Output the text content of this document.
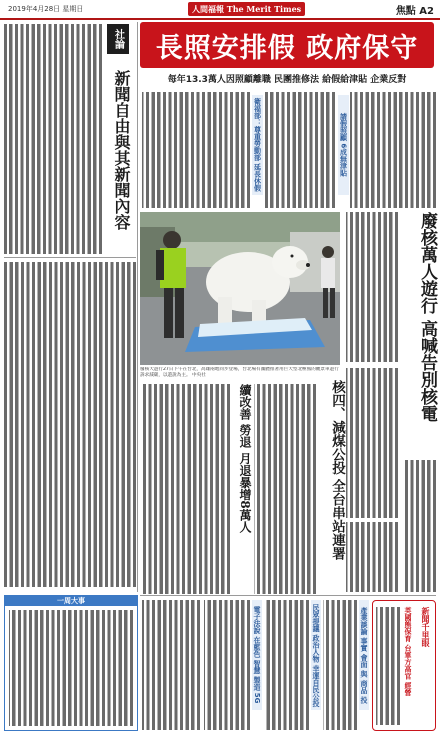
2019年4月28日 星期日	人間福報 The Merit Times	焦點 A2
社論
新聞自由與其新聞內容
長照安排假 政府保守
每年13.3萬人因照顧離職 民團推修法 給假給津貼 企業反對
請假照顧 6成無津貼
衛福部：尊重勞動部 延長休假
廢核大遊行27日下午在台北，高雄兩地同步登場，台北場有團體推著用巨大型北極熊的觀景車遊行訴求減碳，以遊說為主。 中央社	廢核萬人遊行 高喊告別核電
核四、減煤公投 全台串站連署
續改善 勞退 月退暴增8萬人
一周大事
電子法說 在藍色 智慧 製造 5G	民眾提議 政治人物 幸運自民公投	產業談論 事實 會面 與 商品 投	新聞千里眼
英國熊保育 台軍方高官 經營
